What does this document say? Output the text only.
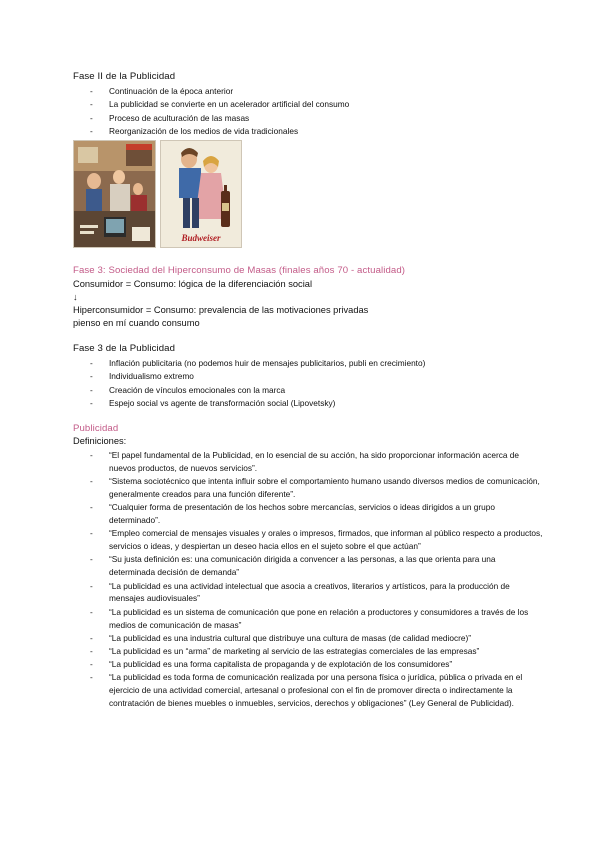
Fase II de la Publicidad
- Continuación de la época anterior
- La publicidad se convierte en un acelerador artificial del consumo
- Proceso de aculturación de las masas
- Reorganización de los medios de vida tradicionales
Budweiser
Fase 3: Sociedad del Hiperconsumo de Masas (finales años 70 - actualidad)
Consumidor = Consumo: lógica de la diferenciación social
↓
Hiperconsumidor = Consumo: prevalencia de las motivaciones privadas
pienso en mí cuando consumo
Fase 3 de la Publicidad
- Inflación publicitaria (no podemos huir de mensajes publicitarios, publi en crecimiento)
- Individualismo extremo
- Creación de vínculos emocionales con la marca
- Espejo social vs agente de transformación social (Lipovetsky)
Publicidad
Definiciones:
- “El papel fundamental de la Publicidad, en lo esencial de su acción, ha sido proporcionar información acerca de nuevos productos, de nuevos servicios”.
- “Sistema sociotécnico que intenta influir sobre el comportamiento humano usando diversos medios de comunicación, generalmente creados para una función diferente”.
- “Cualquier forma de presentación de los hechos sobre mercancías, servicios o ideas dirigidos a un grupo determinado”.
- “Empleo comercial de mensajes visuales y orales o impresos, firmados, que informan al público respecto a productos, servicios o ideas, y despiertan un deseo hacia ellos en el sujeto sobre el que actúan”
- “Su justa definición es: una comunicación dirigida a convencer a las personas, a las que orienta para una determinada decisión de demanda”
- “La publicidad es una actividad intelectual que asocia a creativos, literarios y artísticos, para la producción de mensajes audiovisuales”
- “La publicidad es un sistema de comunicación que pone en relación a productores y consumidores a través de los medios de comunicación de masas”
- “La publicidad es una industria cultural que distribuye una cultura de masas (de calidad mediocre)”
- “La publicidad es un “arma” de marketing al servicio de las estrategias comerciales de las empresas”
- “La publicidad es una forma capitalista de propaganda y de explotación de los consumidores”
- “La publicidad es toda forma de comunicación realizada por una persona física o jurídica, pública o privada en el ejercicio de una actividad comercial, artesanal o profesional con el fin de promover directa o indirectamente la contratación de bienes muebles o inmuebles, servicios, derechos y obligaciones” (Ley General de Publicidad).
